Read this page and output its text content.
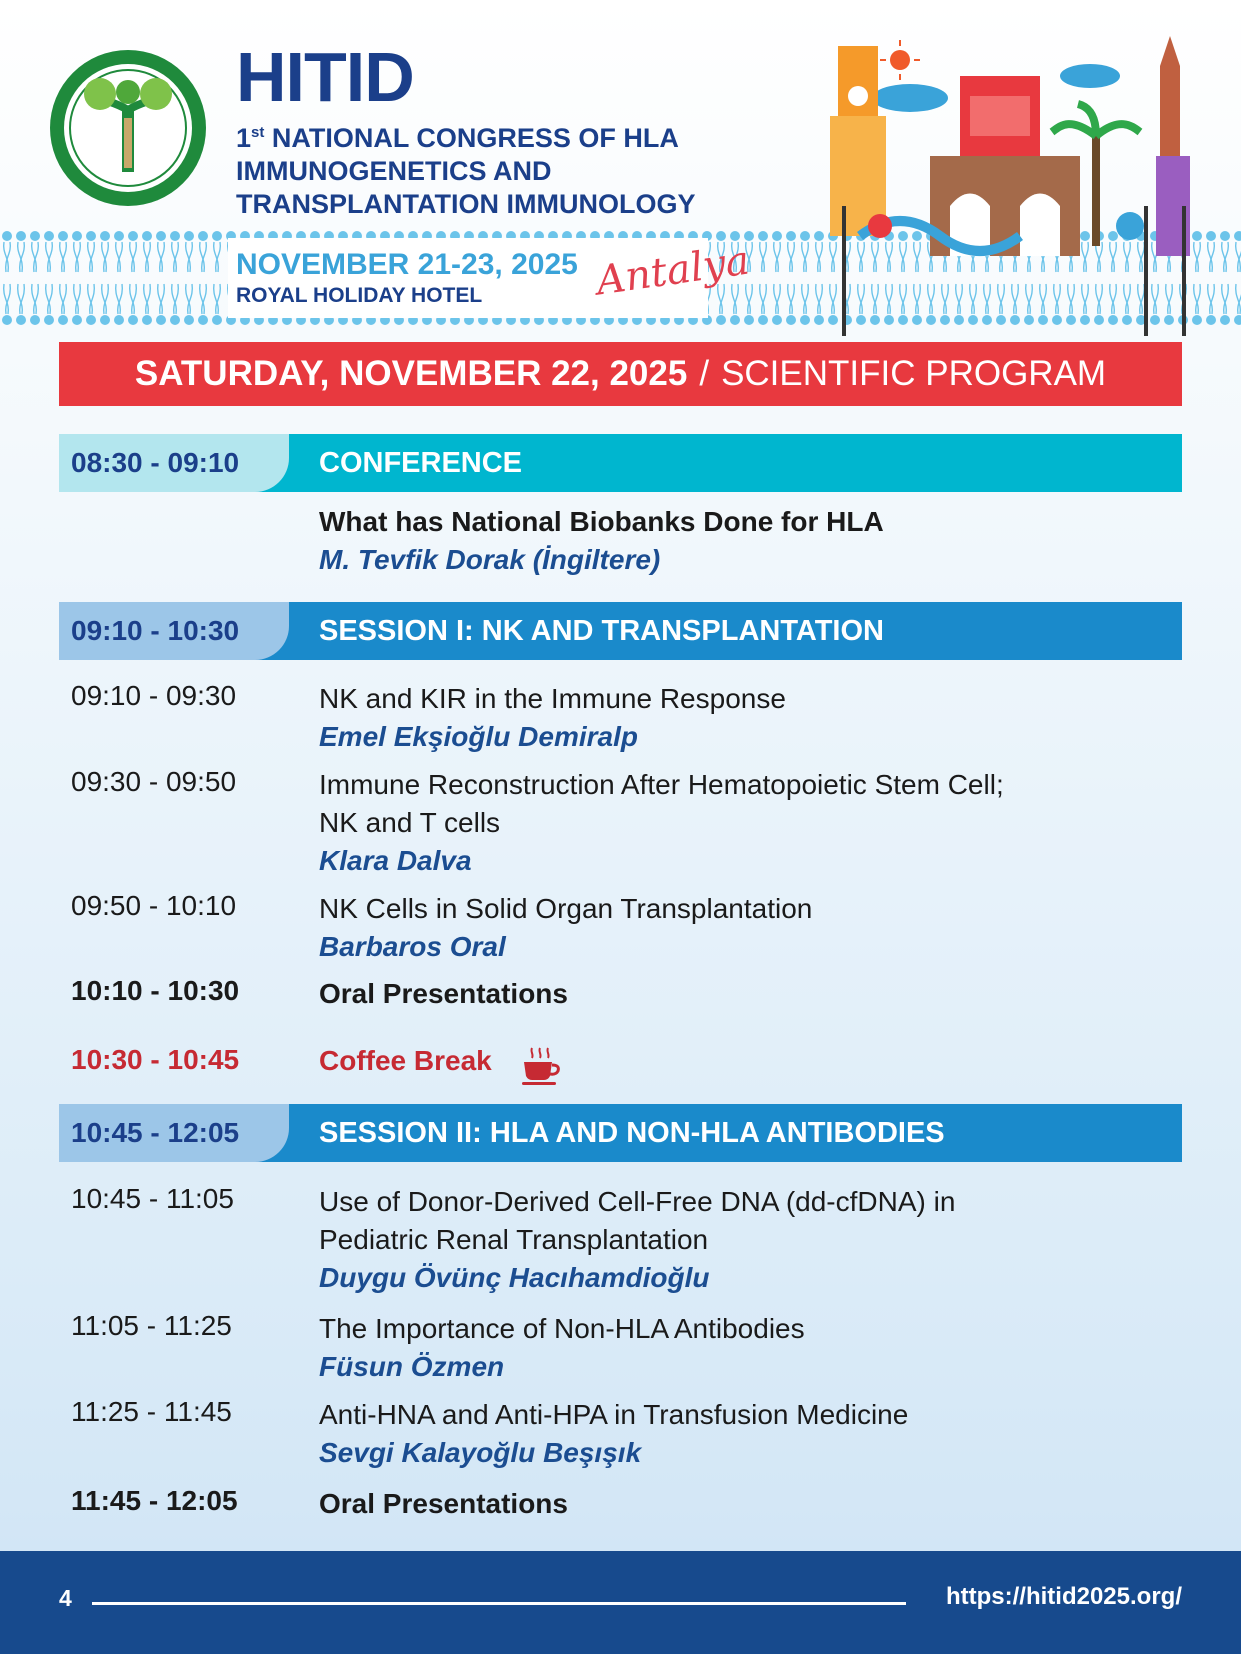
HITID
1st NATIONAL CONGRESS OF HLA
IMMUNOGENETICS AND
TRANSPLANTATION IMMUNOLOGY
NOVEMBER 21-23, 2025
ROYAL HOLIDAY HOTEL	Antalya
SATURDAY, NOVEMBER 22, 2025 / SCIENTIFIC PROGRAM
08:30 - 09:10	CONFERENCE
What has National Biobanks Done for HLA
M. Tevfik Dorak (İngiltere)
09:10 - 10:30	SESSION I: NK AND TRANSPLANTATION
09:10 - 09:30	NK and KIR in the Immune Response
Emel Ekşioğlu Demiralp
09:30 - 09:50	Immune Reconstruction After Hematopoietic Stem Cell;
NK and T cells
Klara Dalva
09:50 - 10:10	NK Cells in Solid Organ Transplantation
Barbaros Oral
10:10 - 10:30	Oral Presentations
10:30 - 10:45	Coffee Break
10:45 - 12:05	SESSION II: HLA AND NON-HLA ANTIBODIES
10:45 - 11:05	Use of Donor-Derived Cell-Free DNA (dd-cfDNA) in
Pediatric Renal Transplantation
Duygu Övünç Hacıhamdioğlu
11:05 - 11:25	The Importance of Non-HLA Antibodies
Füsun Özmen
11:25 - 11:45	Anti-HNA and Anti-HPA in Transfusion Medicine
Sevgi Kalayoğlu Beşışık
11:45 - 12:05	Oral Presentations
4	https://hitid2025.org/
